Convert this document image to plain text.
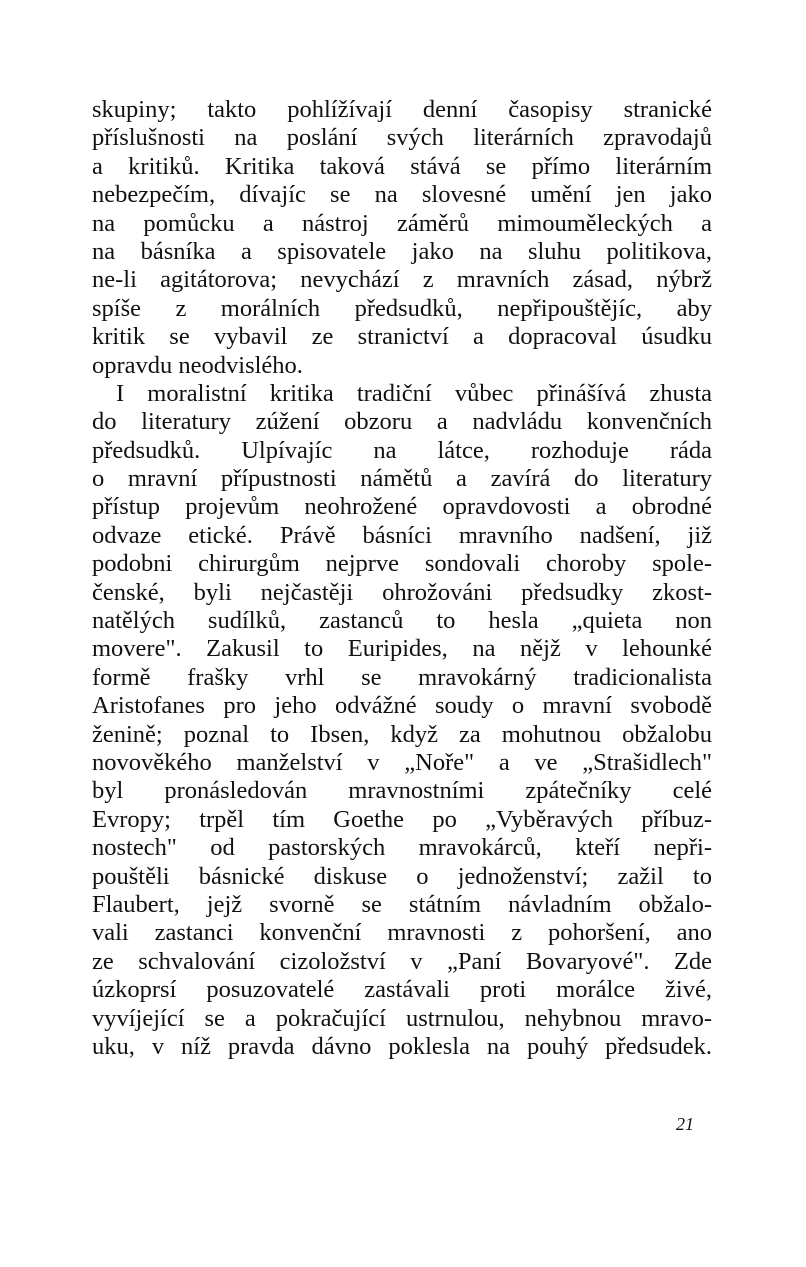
skupiny; takto pohlížívají denní časopisy stranické
příslušnosti na poslání svých literárních zpravodajů
a kritiků. Kritika taková stává se přímo literárním
nebezpečím, dívajíc se na slovesné umění jen jako
na pomůcku a nástroj záměrů mimouměleckých a
na básníka a spisovatele jako na sluhu politikova,
ne-li agitátorova; nevychází z mravních zásad, nýbrž
spíše z morálních předsudků, nepřipouštějíc, aby
kritik se vybavil ze stranictví a dopracoval úsudku
opravdu neodvislého.
I moralistní kritika tradiční vůbec přinášívá zhusta
do literatury zúžení obzoru a nadvládu konvenčních
předsudků. Ulpívajíc na látce, rozhoduje ráda
o mravní přípustnosti námětů a zavírá do literatury
přístup projevům neohrožené opravdovosti a obrodné
odvaze etické. Právě básníci mravního nadšení, již
podobni chirurgům nejprve sondovali choroby spole-
čenské, byli nejčastěji ohrožováni předsudky zkost-
natělých sudílků, zastanců to hesla „quieta non
movere". Zakusil to Euripides, na nějž v lehounké
formě frašky vrhl se mravokárný tradicionalista
Aristofanes pro jeho odvážné soudy o mravní svobodě
ženině; poznal to Ibsen, když za mohutnou obžalobu
novověkého manželství v „Noře" a ve „Strašidlech"
byl pronásledován mravnostními zpátečníky celé
Evropy; trpěl tím Goethe po „Vyběravých příbuz-
nostech" od pastorských mravokárců, kteří nepři-
pouštěli básnické diskuse o jednoženství; zažil to
Flaubert, jejž svorně se státním návladním obžalo-
vali zastanci konvenční mravnosti z pohoršení, ano
ze schvalování cizoložství v „Paní Bovaryové". Zde
úzkoprsí posuzovatelé zastávali proti morálce živé,
vyvíjející se a pokračující ustrnulou, nehybnou mravo-
uku, v níž pravda dávno poklesla na pouhý předsudek.
21
